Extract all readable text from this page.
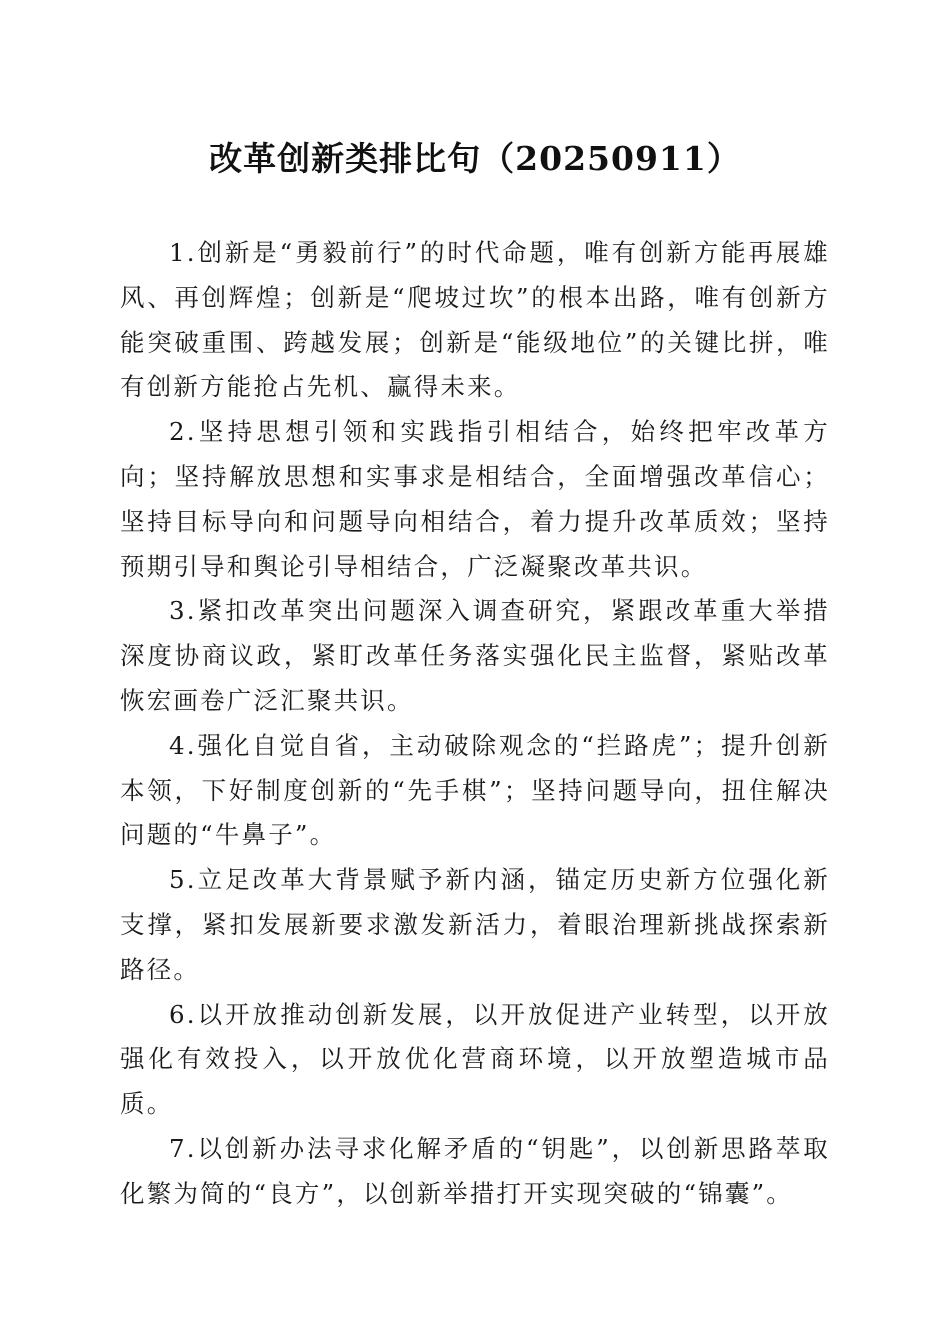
改革创新类排比句（20250911）

1.创新是“勇毅前行”的时代命题，唯有创新方能再展雄风、再创辉煌；创新是“爬坡过坎”的根本出路，唯有创新方能突破重围、跨越发展；创新是“能级地位”的关键比拼，唯有创新方能抢占先机、赢得未来。

2.坚持思想引领和实践指引相结合，始终把牢改革方向；坚持解放思想和实事求是相结合，全面增强改革信心；坚持目标导向和问题导向相结合，着力提升改革质效；坚持预期引导和舆论引导相结合，广泛凝聚改革共识。

3.紧扣改革突出问题深入调查研究，紧跟改革重大举措深度协商议政，紧盯改革任务落实强化民主监督，紧贴改革恢宏画卷广泛汇聚共识。

4.强化自觉自省，主动破除观念的“拦路虎”；提升创新本领，下好制度创新的“先手棋”；坚持问题导向，扭住解决问题的“牛鼻子”。

5.立足改革大背景赋予新内涵，锚定历史新方位强化新支撑，紧扣发展新要求激发新活力，着眼治理新挑战探索新路径。

6.以开放推动创新发展，以开放促进产业转型，以开放强化有效投入，以开放优化营商环境，以开放塑造城市品质。

7.以创新办法寻求化解矛盾的“钥匙”，以创新思路萃取化繁为简的“良方”，以创新举措打开实现突破的“锦囊”。
